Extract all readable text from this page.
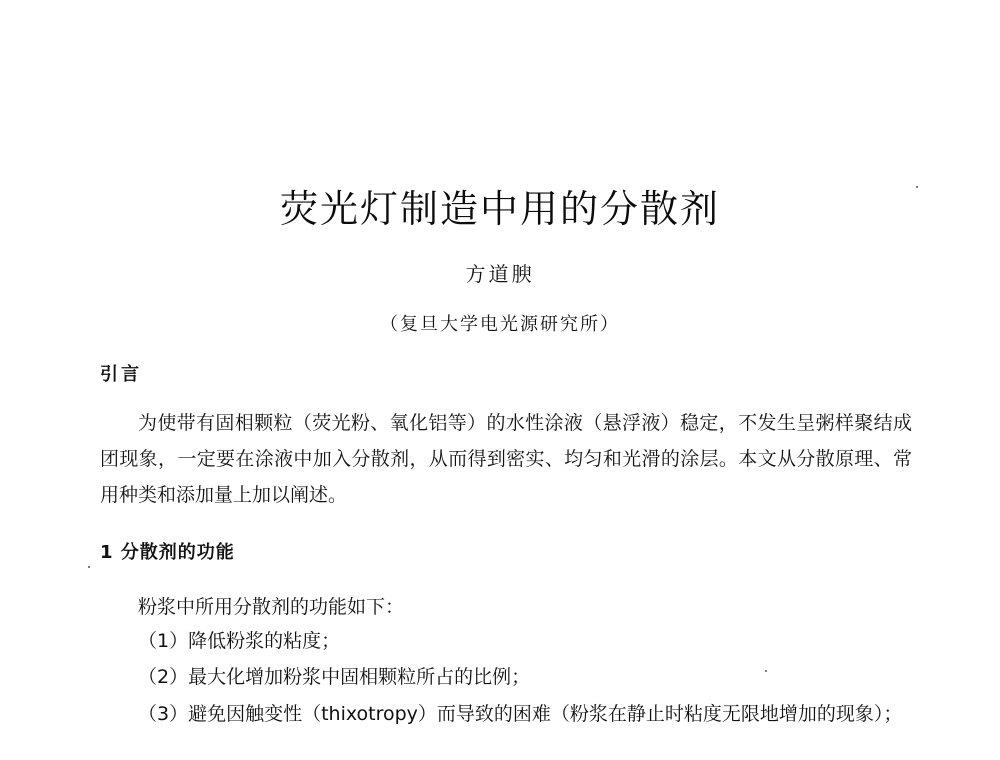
荧光灯制造中用的分散剂
方道腴
（复旦大学电光源研究所）
引言

为使带有固相颗粒（荧光粉、氧化铝等）的水性涂液（悬浮液）稳定，不发生呈粥样聚结成团现象，一定要在涂液中加入分散剂，从而得到密实、均匀和光滑的涂层。本文从分散原理、常用种类和添加量上加以阐述。

1 分散剂的功能
粉浆中所用分散剂的功能如下：
（1）降低粉浆的粘度；
（2）最大化增加粉浆中固相颗粒所占的比例；

（3）避免因触变性（thixotropy）而导致的困难（粉浆在静止时粘度无限地增加的现象）；
